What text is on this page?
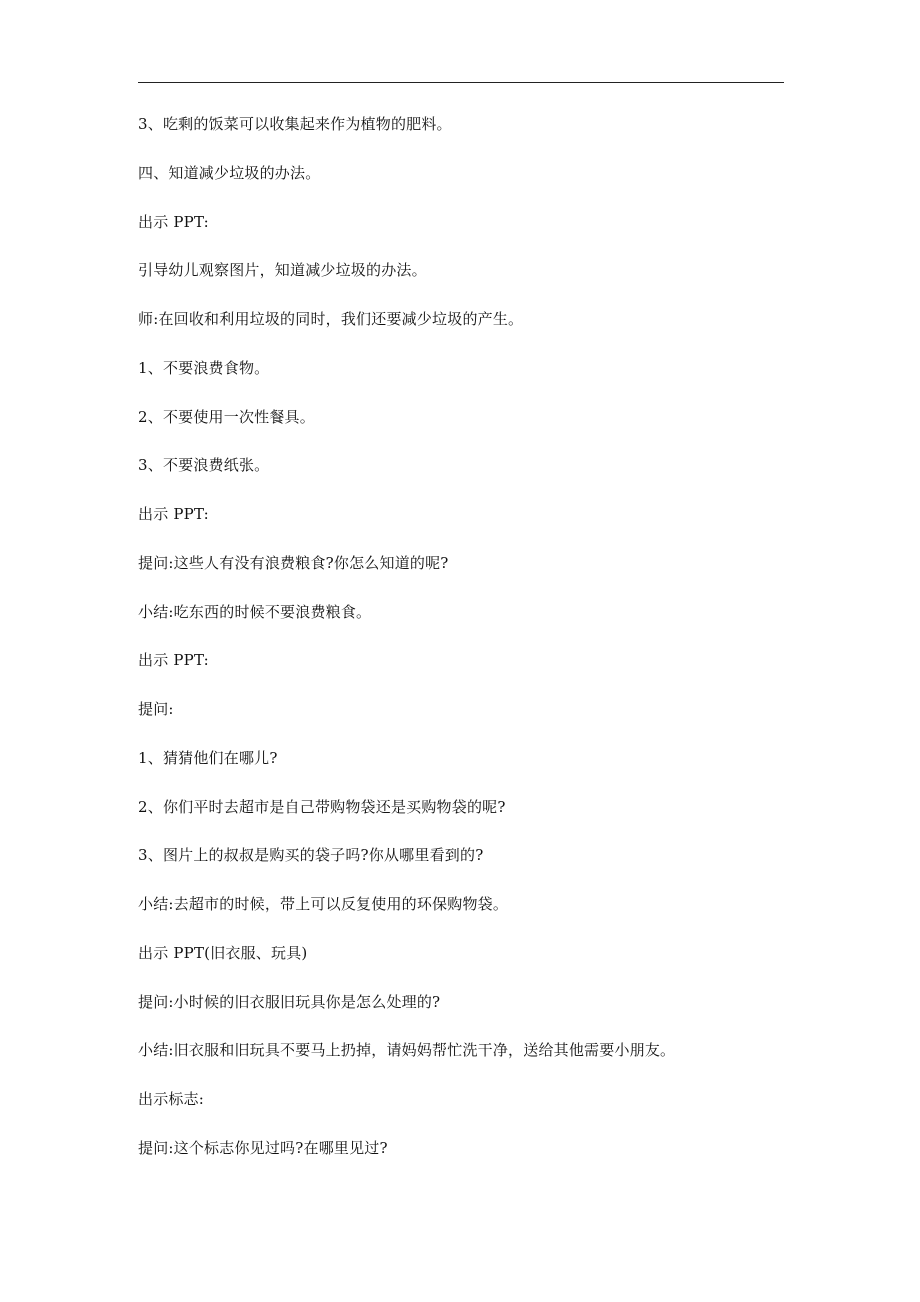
3、吃剩的饭菜可以收集起来作为植物的肥料。

四、知道减少垃圾的办法。

出示 PPT:

引导幼儿观察图片，知道减少垃圾的办法。

师:在回收和利用垃圾的同时，我们还要减少垃圾的产生。

1、不要浪费食物。

2、不要使用一次性餐具。

3、不要浪费纸张。

出示 PPT:

提问:这些人有没有浪费粮食?你怎么知道的呢?

小结:吃东西的时候不要浪费粮食。

出示 PPT:

提问:

1、猜猜他们在哪儿?

2、你们平时去超市是自己带购物袋还是买购物袋的呢?

3、图片上的叔叔是购买的袋子吗?你从哪里看到的?

小结:去超市的时候，带上可以反复使用的环保购物袋。

出示 PPT(旧衣服、玩具)

提问:小时候的旧衣服旧玩具你是怎么处理的?

小结:旧衣服和旧玩具不要马上扔掉，请妈妈帮忙洗干净，送给其他需要小朋友。

出示标志:

提问:这个标志你见过吗?在哪里见过?
